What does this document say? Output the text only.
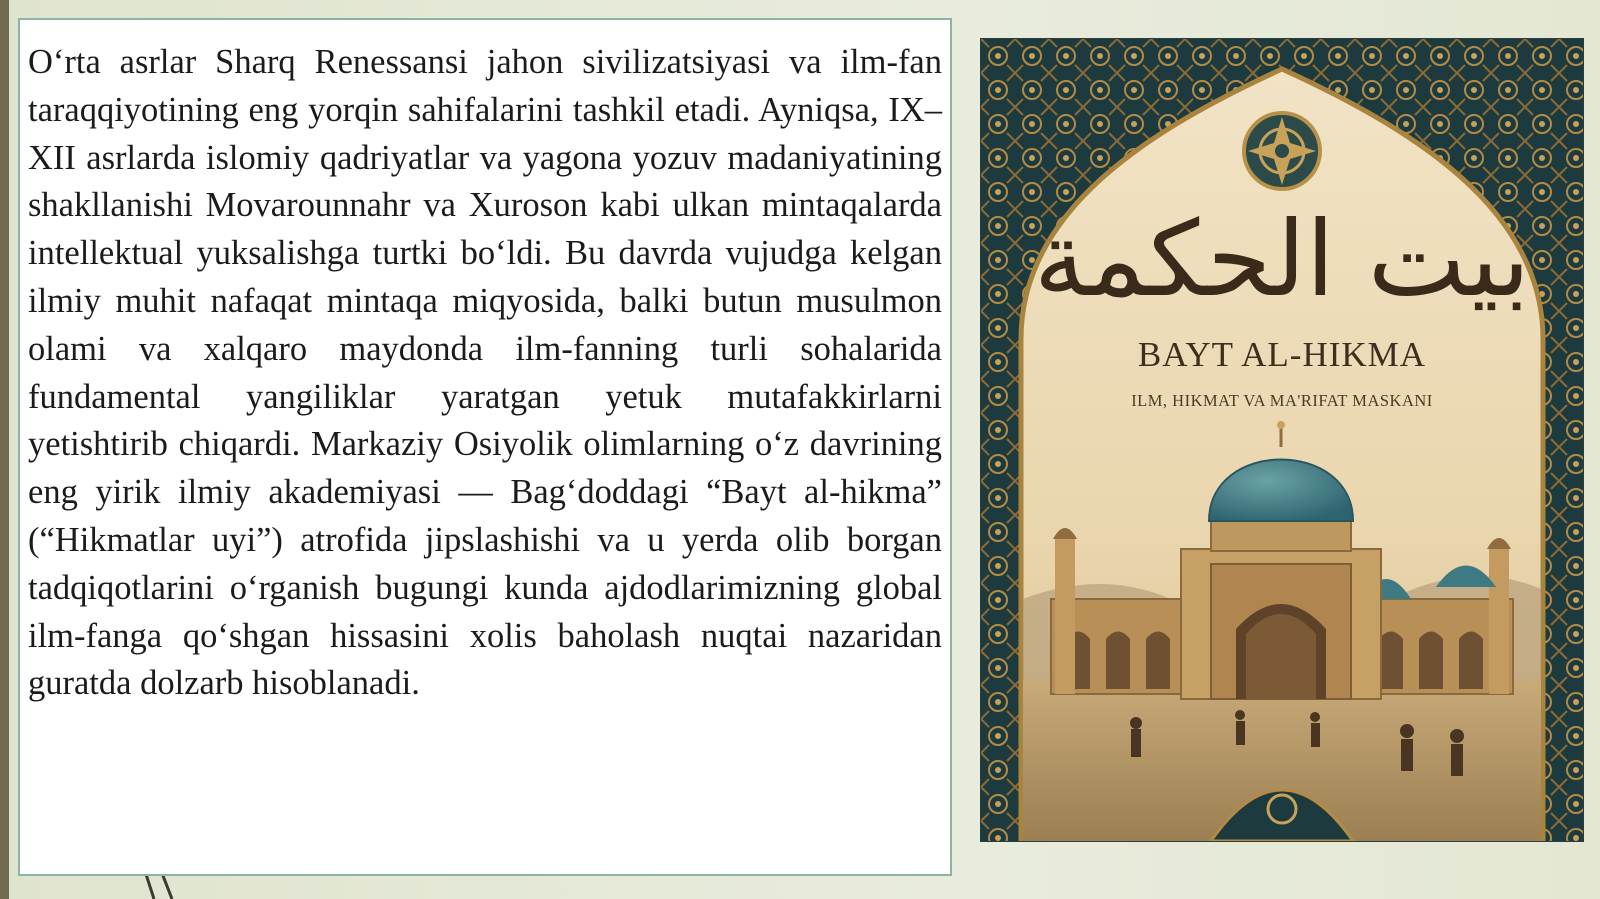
O‘rta asrlar Sharq Renessansi jahon sivilizatsiyasi va ilm-fan taraqqiyotining eng yorqin sahifalarini tashkil etadi. Ayniqsa, IX–XII asrlarda islomiy qadriyatlar va yagona yozuv madaniyatining shakllanishi Movarounnahr va Xuroson kabi ulkan mintaqalarda intellektual yuksalishga turtki bo‘ldi. Bu davrda vujudga kelgan ilmiy muhit nafaqat mintaqa miqyosida, balki butun musulmon olami va xalqaro maydonda ilm-fanning turli sohalarida fundamental yangiliklar yaratgan yetuk mutafakkirlarni yetishtirib chiqardi. Markaziy Osiyolik olimlarning o‘z davrining eng yirik ilmiy akademiyasi — Bag‘doddagi “Bayt al-hikma” (“Hikmatlar uyi”) atrofida jipslashishi va u yerda olib borgan tadqiqotlarini o‘rganish bugungi kunda ajdodlarimizning global ilm-fanga qo‘shgan hissasini xolis baholash nuqtai nazaridan guratda dolzarb hisoblanadi.

بيت الحكمة
BAYT AL-HIKMA
ILM, HIKMAT VA MA'RIFAT MASKANI
